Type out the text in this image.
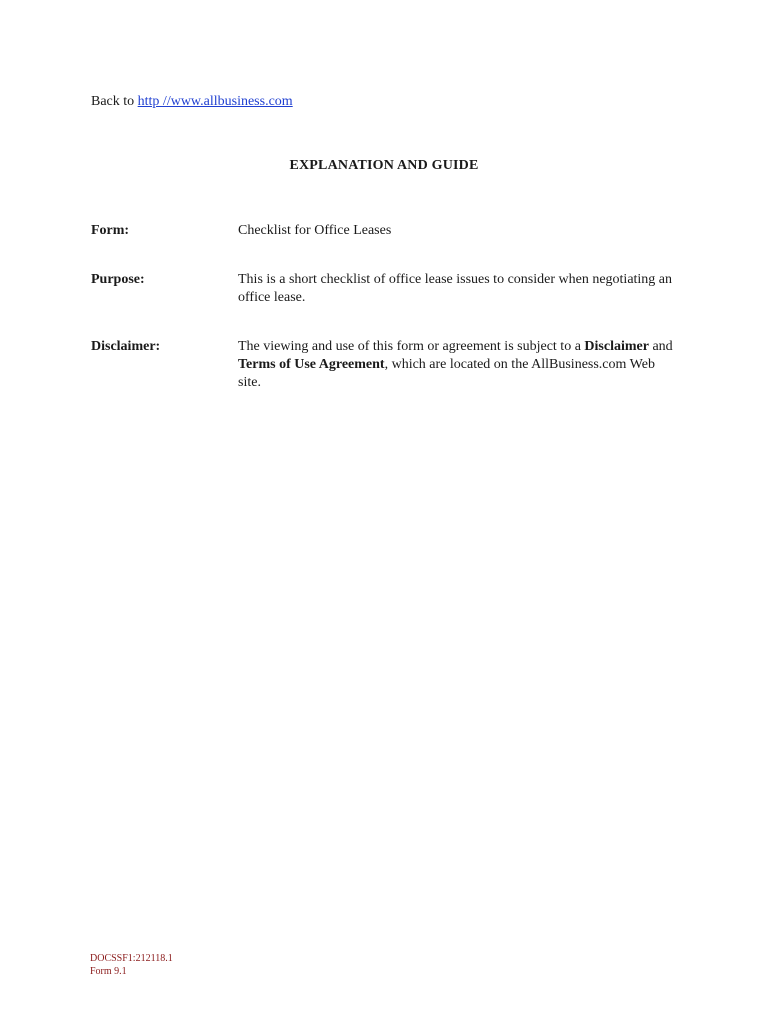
Back to http //www.allbusiness.com
EXPLANATION AND GUIDE
Form:	Checklist for Office Leases
Purpose:	This is a short checklist of office lease issues to consider when negotiating an office lease.
Disclaimer:	The viewing and use of this form or agreement is subject to a Disclaimer and Terms of Use Agreement, which are located on the AllBusiness.com Web site.
DOCSSF1:212118.1
Form 9.1
